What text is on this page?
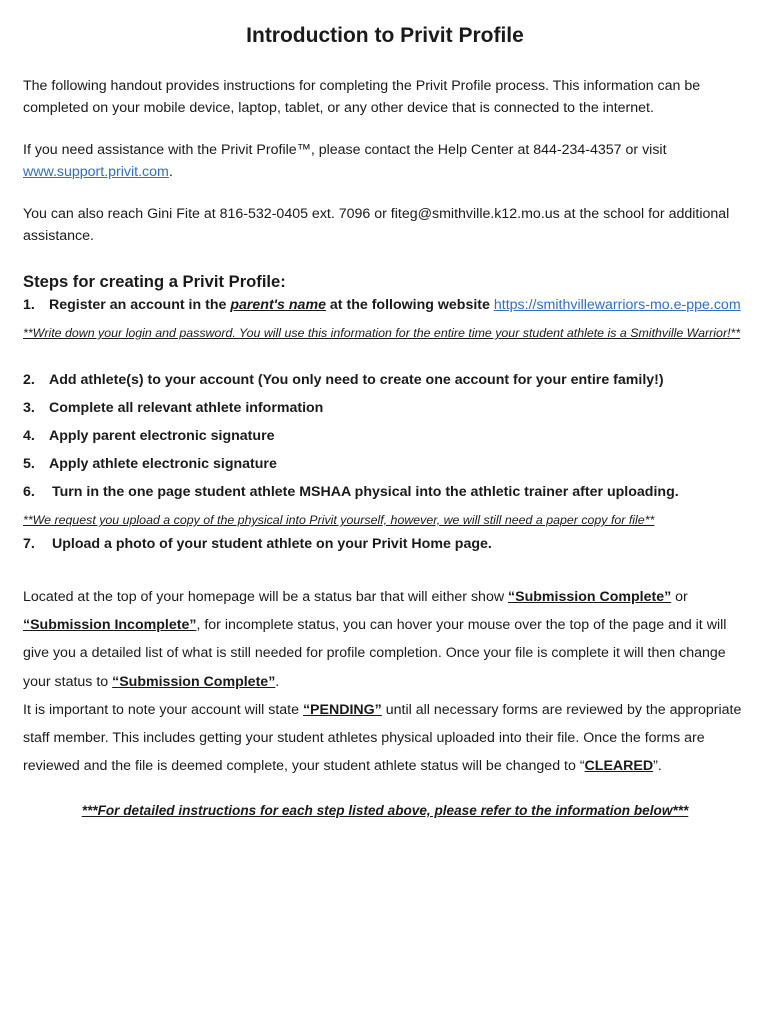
Introduction to Privit Profile

The following handout provides instructions for completing the Privit Profile process. This information can be completed on your mobile device, laptop, tablet, or any other device that is connected to the internet.

If you need assistance with the Privit Profile™, please contact the Help Center at 844-234-4357 or visit www.support.privit.com.

You can also reach Gini Fite at 816-532-0405 ext. 7096 or fiteg@smithville.k12.mo.us at the school for additional assistance.

Steps for creating a Privit Profile:
1. Register an account in the parent's name at the following website https://smithvillewarriors-mo.e-ppe.com

**Write down your login and password. You will use this information for the entire time your student athlete is a Smithville Warrior!**

2. Add athlete(s) to your account (You only need to create one account for your entire family!)
3. Complete all relevant athlete information
4. Apply parent electronic signature
5. Apply athlete electronic signature
6. Turn in the one page student athlete MSHAA physical into the athletic trainer after uploading.

**We request you upload a copy of the physical into Privit yourself, however, we will still need a paper copy for file**

7. Upload a photo of your student athlete on your Privit Home page.

Located at the top of your homepage will be a status bar that will either show “Submission Complete” or
“Submission Incomplete”, for incomplete status, you can hover your mouse over the top of the page and it will give you a detailed list of what is still needed for profile completion. Once your file is complete it will then change your status to “Submission Complete”.
It is important to note your account will state “PENDING” until all necessary forms are reviewed by the appropriate staff member. This includes getting your student athletes physical uploaded into their file. Once the forms are reviewed and the file is deemed complete, your student athlete status will be changed to “CLEARED”.

***For detailed instructions for each step listed above, please refer to the information below***
